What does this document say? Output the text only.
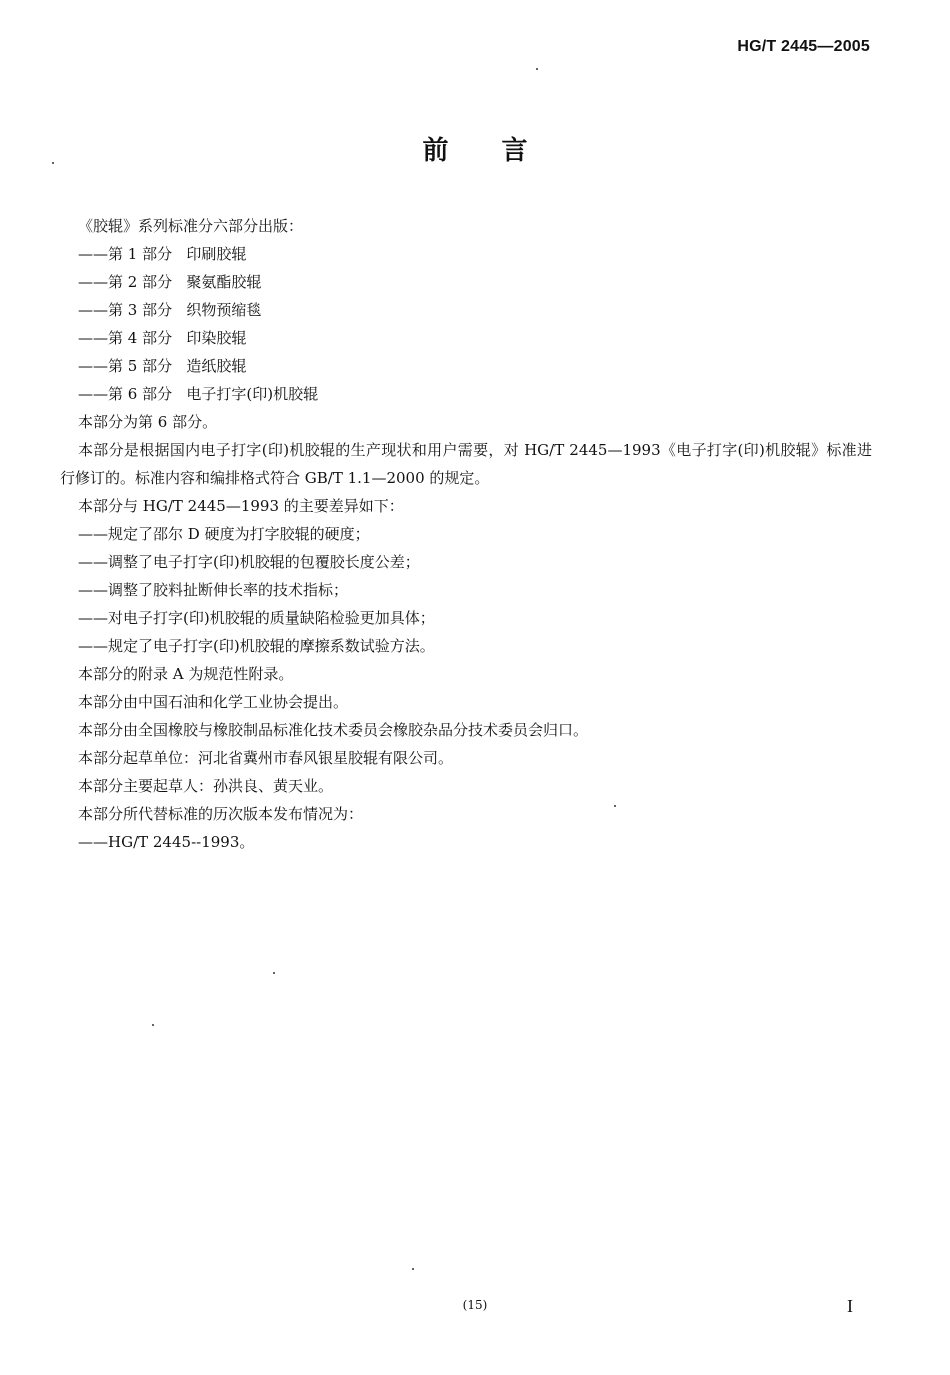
HG/T 2445—2005
前 言

《胶辊》系列标准分六部分出版：

——第 1 部分   印刷胶辊

——第 2 部分   聚氨酯胶辊

——第 3 部分   织物预缩毯

——第 4 部分   印染胶辊

——第 5 部分   造纸胶辊

——第 6 部分   电子打字(印)机胶辊

本部分为第 6 部分。

本部分是根据国内电子打字(印)机胶辊的生产现状和用户需要，对 HG/T 2445—1993《电子打字(印)机胶辊》标准进行修订的。标准内容和编排格式符合 GB/T 1.1—2000 的规定。

本部分与 HG/T 2445—1993 的主要差异如下：

——规定了邵尔 D 硬度为打字胶辊的硬度；

——调整了电子打字(印)机胶辊的包覆胶长度公差；

——调整了胶料扯断伸长率的技术指标；

——对电子打字(印)机胶辊的质量缺陷检验更加具体；

——规定了电子打字(印)机胶辊的摩擦系数试验方法。

本部分的附录 A 为规范性附录。

本部分由中国石油和化学工业协会提出。

本部分由全国橡胶与橡胶制品标准化技术委员会橡胶杂品分技术委员会归口。

本部分起草单位：河北省冀州市春风银星胶辊有限公司。

本部分主要起草人：孙洪良、黄天业。

本部分所代替标准的历次版本发布情况为：

——HG/T 2445--1993。

(15)	I
